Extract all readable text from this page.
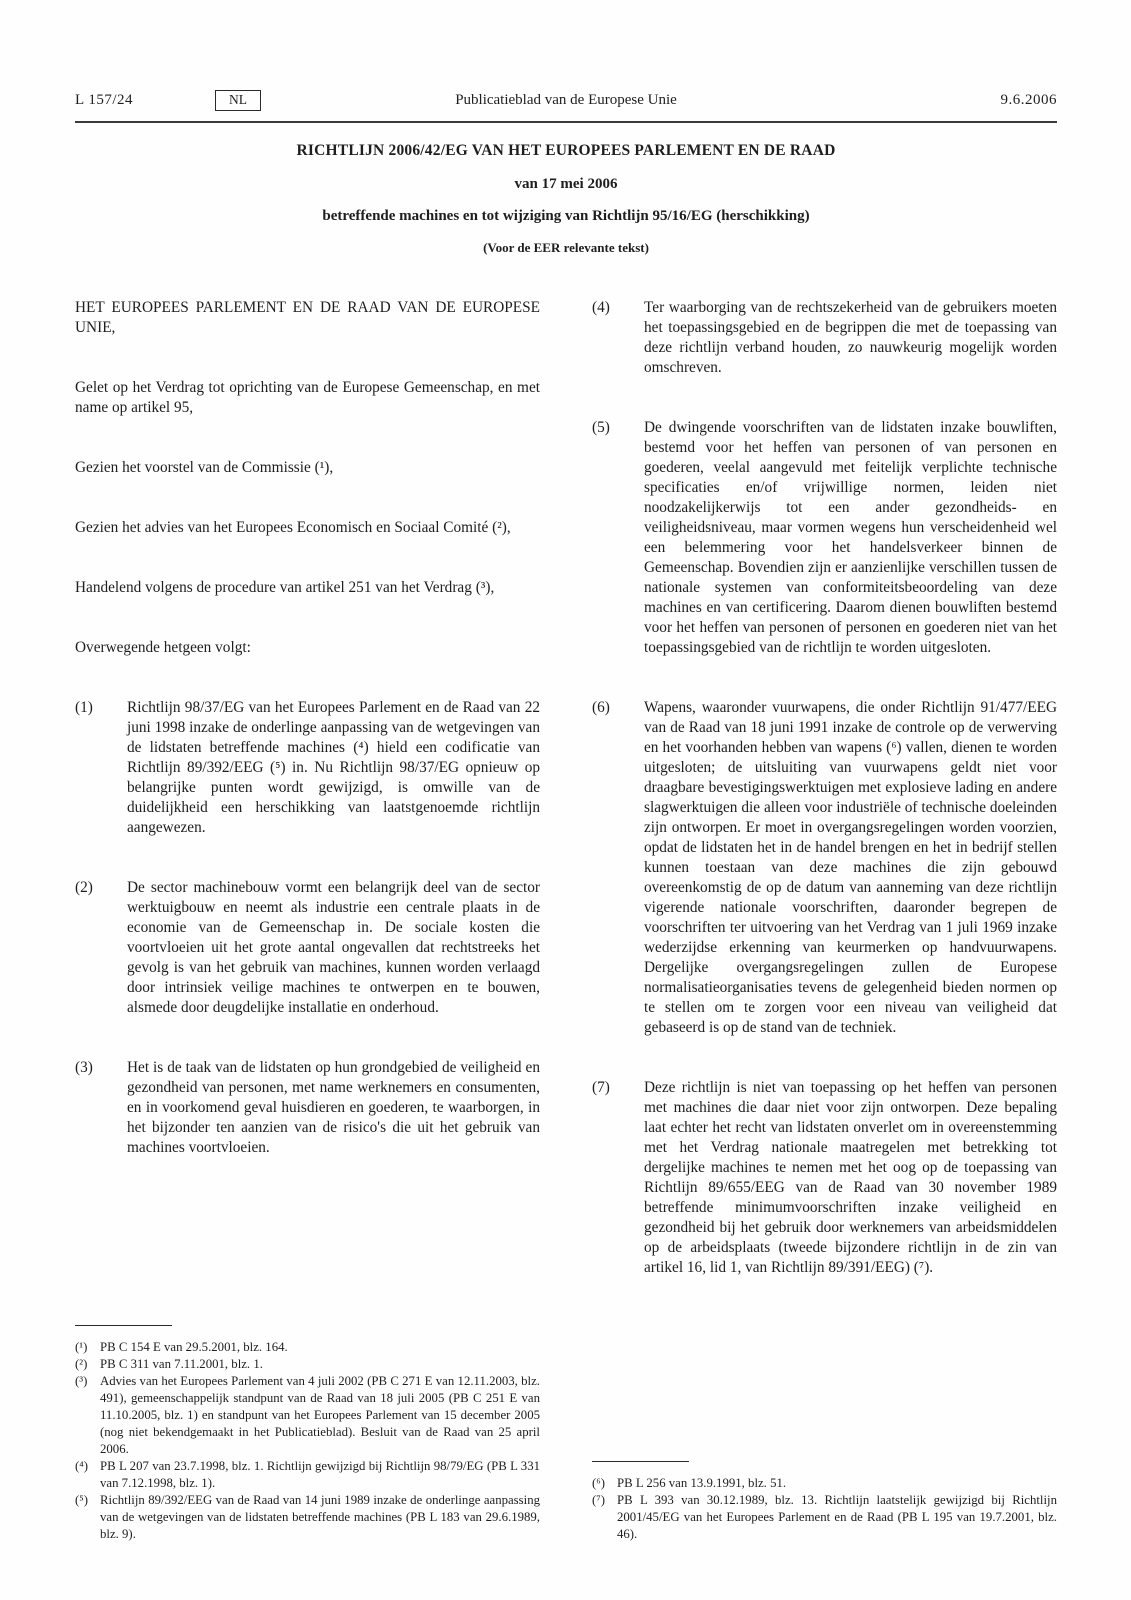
L 157/24	NL	Publicatieblad van de Europese Unie	9.6.2006
RICHTLIJN 2006/42/EG VAN HET EUROPEES PARLEMENT EN DE RAAD
van 17 mei 2006
betreffende machines en tot wijziging van Richtlijn 95/16/EG (herschikking)
(Voor de EER relevante tekst)

HET EUROPEES PARLEMENT EN DE RAAD VAN DE EUROPESE UNIE,

Gelet op het Verdrag tot oprichting van de Europese Gemeenschap, en met name op artikel 95,

Gezien het voorstel van de Commissie (¹),

Gezien het advies van het Europees Economisch en Sociaal Comité (²),

Handelend volgens de procedure van artikel 251 van het Verdrag (³),

Overwegende hetgeen volgt:

(1) Richtlijn 98/37/EG van het Europees Parlement en de Raad van 22 juni 1998 inzake de onderlinge aanpassing van de wetgevingen van de lidstaten betreffende machines (⁴) hield een codificatie van Richtlijn 89/392/EEG (⁵) in. Nu Richtlijn 98/37/EG opnieuw op belangrijke punten wordt gewijzigd, is omwille van de duidelijkheid een herschikking van laatstgenoemde richtlijn aangewezen.
(2) De sector machinebouw vormt een belangrijk deel van de sector werktuigbouw en neemt als industrie een centrale plaats in de economie van de Gemeenschap in. De sociale kosten die voortvloeien uit het grote aantal ongevallen dat rechtstreeks het gevolg is van het gebruik van machines, kunnen worden verlaagd door intrinsiek veilige machines te ontwerpen en te bouwen, alsmede door deugdelijke installatie en onderhoud.
(3) Het is de taak van de lidstaten op hun grondgebied de veiligheid en gezondheid van personen, met name werknemers en consumenten, en in voorkomend geval huisdieren en goederen, te waarborgen, in het bijzonder ten aanzien van de risico's die uit het gebruik van machines voortvloeien.
(¹) PB C 154 E van 29.5.2001, blz. 164.
(²) PB C 311 van 7.11.2001, blz. 1.
(³) Advies van het Europees Parlement van 4 juli 2002 (PB C 271 E van 12.11.2003, blz. 491), gemeenschappelijk standpunt van de Raad van 18 juli 2005 (PB C 251 E van 11.10.2005, blz. 1) en standpunt van het Europees Parlement van 15 december 2005 (nog niet bekendgemaakt in het Publicatieblad). Besluit van de Raad van 25 april 2006.
(⁴) PB L 207 van 23.7.1998, blz. 1. Richtlijn gewijzigd bij Richtlijn 98/79/EG (PB L 331 van 7.12.1998, blz. 1).
(⁵) Richtlijn 89/392/EEG van de Raad van 14 juni 1989 inzake de onderlinge aanpassing van de wetgevingen van de lidstaten betreffende machines (PB L 183 van 29.6.1989, blz. 9).
(4) Ter waarborging van de rechtszekerheid van de gebruikers moeten het toepassingsgebied en de begrippen die met de toepassing van deze richtlijn verband houden, zo nauwkeurig mogelijk worden omschreven.
(5) De dwingende voorschriften van de lidstaten inzake bouwliften, bestemd voor het heffen van personen of van personen en goederen, veelal aangevuld met feitelijk verplichte technische specificaties en/of vrijwillige normen, leiden niet noodzakelijkerwijs tot een ander gezondheids- en veiligheidsniveau, maar vormen wegens hun verscheidenheid wel een belemmering voor het handelsverkeer binnen de Gemeenschap. Bovendien zijn er aanzienlijke verschillen tussen de nationale systemen van conformiteitsbeoordeling van deze machines en van certificering. Daarom dienen bouwliften bestemd voor het heffen van personen of personen en goederen niet van het toepassingsgebied van de richtlijn te worden uitgesloten.
(6) Wapens, waaronder vuurwapens, die onder Richtlijn 91/477/EEG van de Raad van 18 juni 1991 inzake de controle op de verwerving en het voorhanden hebben van wapens (⁶) vallen, dienen te worden uitgesloten; de uitsluiting van vuurwapens geldt niet voor draagbare bevestigingswerktuigen met explosieve lading en andere slagwerktuigen die alleen voor industriële of technische doeleinden zijn ontworpen. Er moet in overgangsregelingen worden voorzien, opdat de lidstaten het in de handel brengen en het in bedrijf stellen kunnen toestaan van deze machines die zijn gebouwd overeenkomstig de op de datum van aanneming van deze richtlijn vigerende nationale voorschriften, daaronder begrepen de voorschriften ter uitvoering van het Verdrag van 1 juli 1969 inzake wederzijdse erkenning van keurmerken op handvuurwapens. Dergelijke overgangsregelingen zullen de Europese normalisatieorganisaties tevens de gelegenheid bieden normen op te stellen om te zorgen voor een niveau van veiligheid dat gebaseerd is op de stand van de techniek.
(7) Deze richtlijn is niet van toepassing op het heffen van personen met machines die daar niet voor zijn ontworpen. Deze bepaling laat echter het recht van lidstaten onverlet om in overeenstemming met het Verdrag nationale maatregelen met betrekking tot dergelijke machines te nemen met het oog op de toepassing van Richtlijn 89/655/EEG van de Raad van 30 november 1989 betreffende minimumvoorschriften inzake veiligheid en gezondheid bij het gebruik door werknemers van arbeidsmiddelen op de arbeidsplaats (tweede bijzondere richtlijn in de zin van artikel 16, lid 1, van Richtlijn 89/391/EEG) (⁷).
(⁶) PB L 256 van 13.9.1991, blz. 51.
(⁷) PB L 393 van 30.12.1989, blz. 13. Richtlijn laatstelijk gewijzigd bij Richtlijn 2001/45/EG van het Europees Parlement en de Raad (PB L 195 van 19.7.2001, blz. 46).
